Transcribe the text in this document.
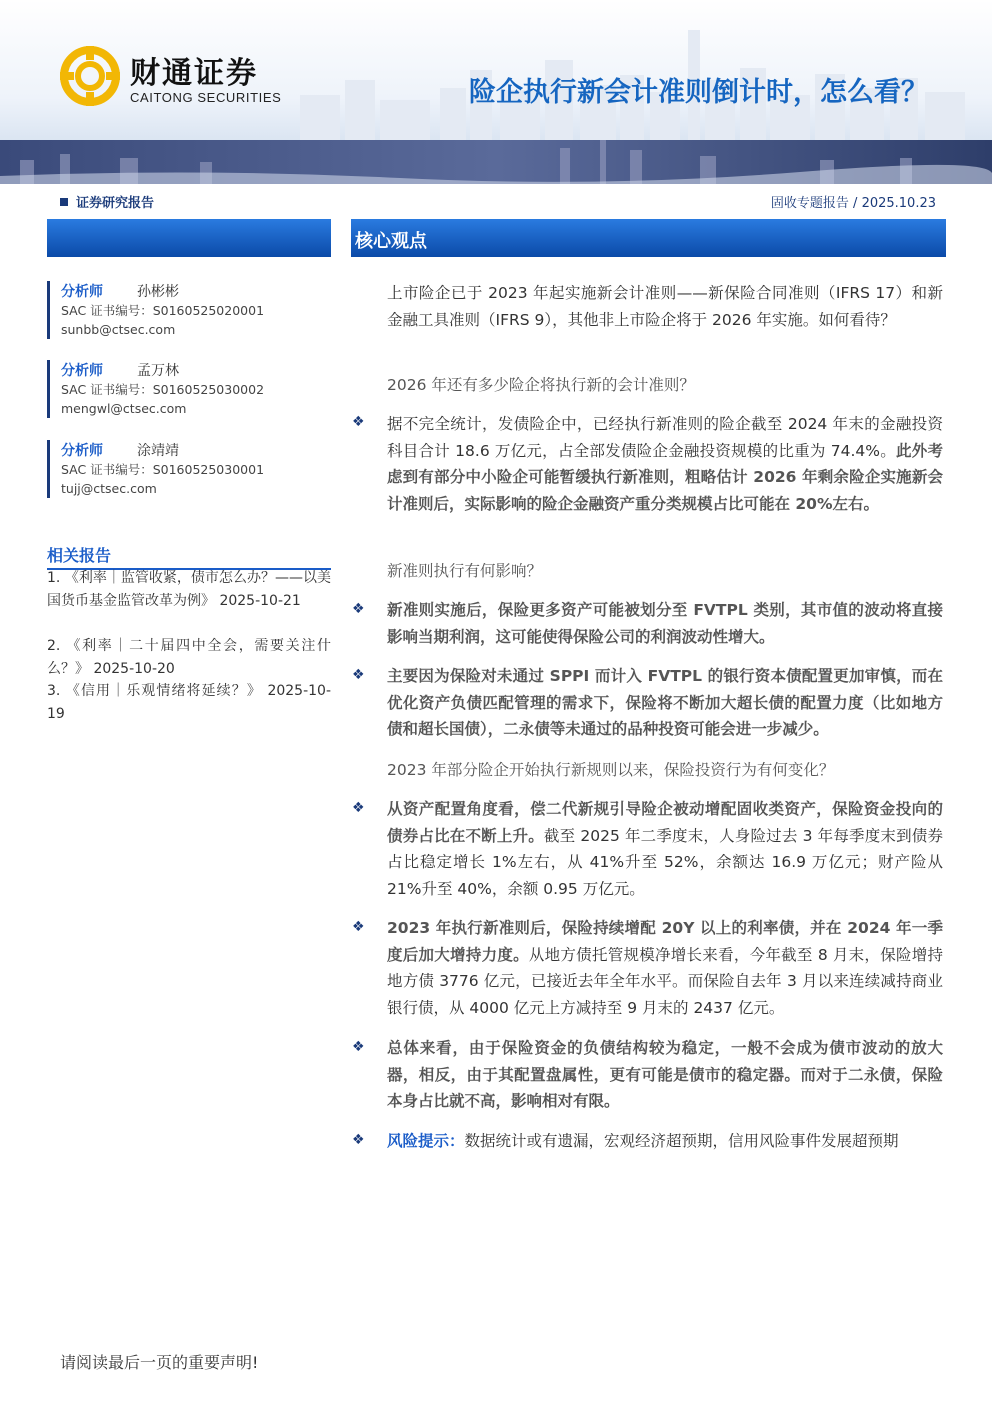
财通证券
CAITONG SECURITIES	险企执行新会计准则倒计时，怎么看？
证券研究报告	固收专题报告 / 2025.10.23
核心观点
分析师 孙彬彬
SAC 证书编号：S0160525020001
sunbb@ctsec.com
分析师 孟万林
SAC 证书编号：S0160525030002
mengwl@ctsec.com
分析师 涂靖靖
SAC 证书编号：S0160525030001
tujj@ctsec.com
相关报告
1. 《利率｜监管收紧，债市怎么办？——以美国货币基金监管改革为例》 2025-10-21
2. 《利率｜二十届四中全会，需要关注什么？》 2025-10-20
3. 《信用｜乐观情绪将延续？》 2025-10-19
上市险企已于 2023 年起实施新会计准则——新保险合同准则（IFRS 17）和新金融工具准则（IFRS 9），其他非上市险企将于 2026 年实施。如何看待？
2026 年还有多少险企将执行新的会计准则？
❖ 据不完全统计，发债险企中，已经执行新准则的险企截至 2024 年末的金融投资科目合计 18.6 万亿元，占全部发债险企金融投资规模的比重为 74.4%。此外考虑到有部分中小险企可能暂缓执行新准则，粗略估计 2026 年剩余险企实施新会计准则后，实际影响的险企金融资产重分类规模占比可能在 20%左右。
新准则执行有何影响？
❖ 新准则实施后，保险更多资产可能被划分至 FVTPL 类别，其市值的波动将直接影响当期利润，这可能使得保险公司的利润波动性增大。
❖ 主要因为保险对未通过 SPPI 而计入 FVTPL 的银行资本债配置更加审慎，而在优化资产负债匹配管理的需求下，保险将不断加大超长债的配置力度（比如地方债和超长国债），二永债等未通过的品种投资可能会进一步减少。
2023 年部分险企开始执行新规则以来，保险投资行为有何变化？
❖ 从资产配置角度看，偿二代新规引导险企被动增配固收类资产，保险资金投向的债券占比在不断上升。截至 2025 年二季度末，人身险过去 3 年每季度末到债券占比稳定增长 1%左右，从 41%升至 52%，余额达 16.9 万亿元；财产险从 21%升至 40%，余额 0.95 万亿元。
❖ 2023 年执行新准则后，保险持续增配 20Y 以上的利率债，并在 2024 年一季度后加大增持力度。从地方债托管规模净增长来看，今年截至 8 月末，保险增持地方债 3776 亿元，已接近去年全年水平。而保险自去年 3 月以来连续减持商业银行债，从 4000 亿元上方减持至 9 月末的 2437 亿元。
❖ 总体来看，由于保险资金的负债结构较为稳定，一般不会成为债市波动的放大器，相反，由于其配置盘属性，更有可能是债市的稳定器。而对于二永债，保险本身占比就不高，影响相对有限。
❖ 风险提示：数据统计或有遗漏，宏观经济超预期，信用风险事件发展超预期
请阅读最后一页的重要声明!
